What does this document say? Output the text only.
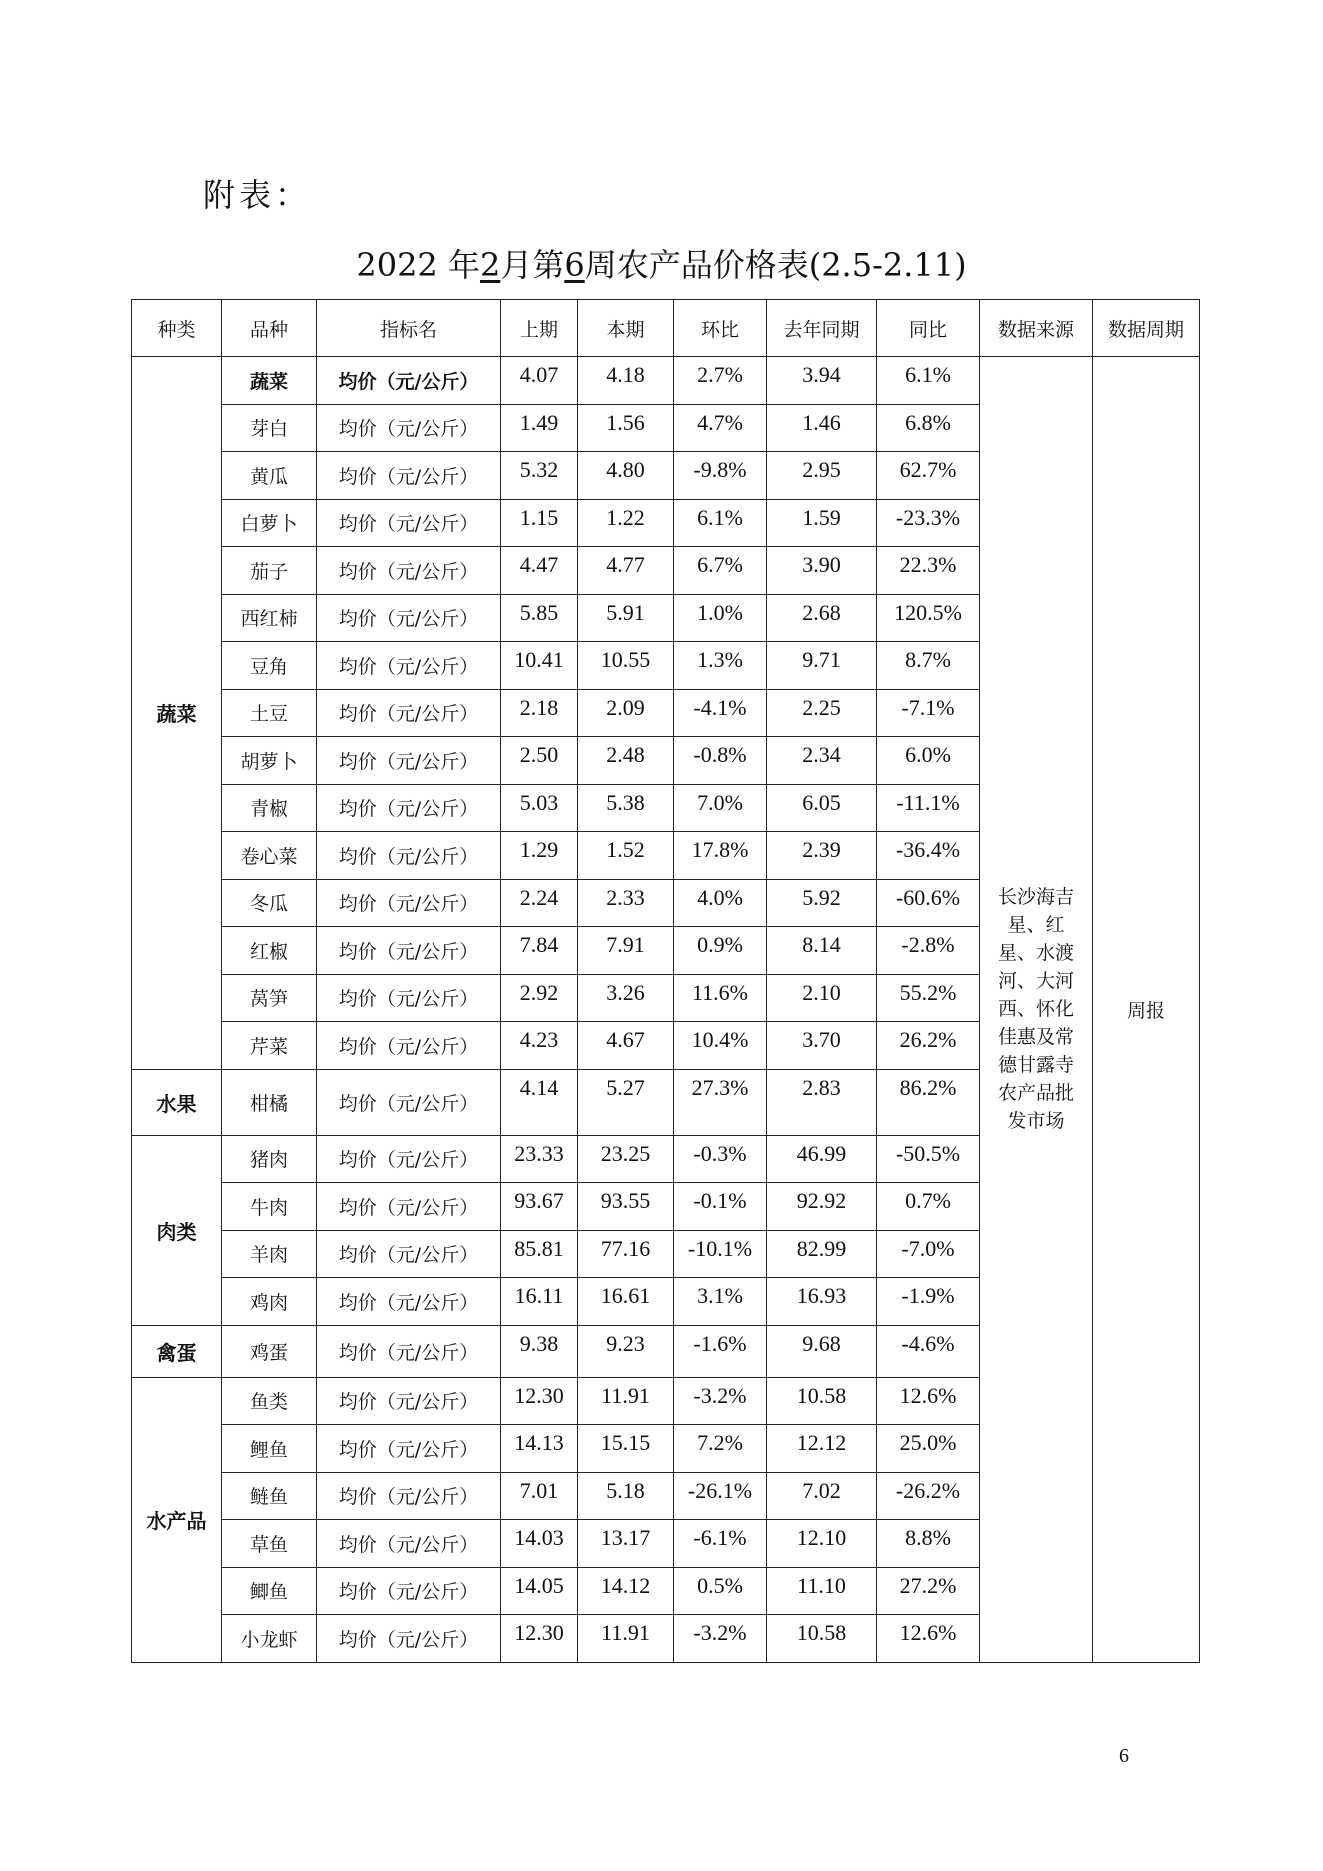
附表：
2022 年2月第6周农产品价格表(2.5-2.11)
种类	品种	指标名	上期	本期	环比	去年同期	同比	数据来源	数据周期
蔬菜	蔬菜	均价（元/公斤）	4.07	4.18	2.7%	3.94	6.1%	长沙海吉星、红星、水渡河、大河西、怀化佳惠及常德甘露寺农产品批发市场	周报
	芽白	均价（元/公斤）	1.49	1.56	4.7%	1.46	6.8%		
	黄瓜	均价（元/公斤）	5.32	4.80	-9.8%	2.95	62.7%		
	白萝卜	均价（元/公斤）	1.15	1.22	6.1%	1.59	-23.3%		
	茄子	均价（元/公斤）	4.47	4.77	6.7%	3.90	22.3%		
	西红柿	均价（元/公斤）	5.85	5.91	1.0%	2.68	120.5%		
	豆角	均价（元/公斤）	10.41	10.55	1.3%	9.71	8.7%		
	土豆	均价（元/公斤）	2.18	2.09	-4.1%	2.25	-7.1%		
	胡萝卜	均价（元/公斤）	2.50	2.48	-0.8%	2.34	6.0%		
	青椒	均价（元/公斤）	5.03	5.38	7.0%	6.05	-11.1%		
	卷心菜	均价（元/公斤）	1.29	1.52	17.8%	2.39	-36.4%		
	冬瓜	均价（元/公斤）	2.24	2.33	4.0%	5.92	-60.6%		
	红椒	均价（元/公斤）	7.84	7.91	0.9%	8.14	-2.8%		
	莴笋	均价（元/公斤）	2.92	3.26	11.6%	2.10	55.2%		
	芹菜	均价（元/公斤）	4.23	4.67	10.4%	3.70	26.2%		
水果	柑橘	均价（元/公斤）	4.14	5.27	27.3%	2.83	86.2%		
肉类	猪肉	均价（元/公斤）	23.33	23.25	-0.3%	46.99	-50.5%		
	牛肉	均价（元/公斤）	93.67	93.55	-0.1%	92.92	0.7%		
	羊肉	均价（元/公斤）	85.81	77.16	-10.1%	82.99	-7.0%		
	鸡肉	均价（元/公斤）	16.11	16.61	3.1%	16.93	-1.9%		
禽蛋	鸡蛋	均价（元/公斤）	9.38	9.23	-1.6%	9.68	-4.6%		
水产品	鱼类	均价（元/公斤）	12.30	11.91	-3.2%	10.58	12.6%		
	鲤鱼	均价（元/公斤）	14.13	15.15	7.2%	12.12	25.0%		
	鲢鱼	均价（元/公斤）	7.01	5.18	-26.1%	7.02	-26.2%		
	草鱼	均价（元/公斤）	14.03	13.17	-6.1%	12.10	8.8%		
	鲫鱼	均价（元/公斤）	14.05	14.12	0.5%	11.10	27.2%		
	小龙虾	均价（元/公斤）	12.30	11.91	-3.2%	10.58	12.6%		
6
